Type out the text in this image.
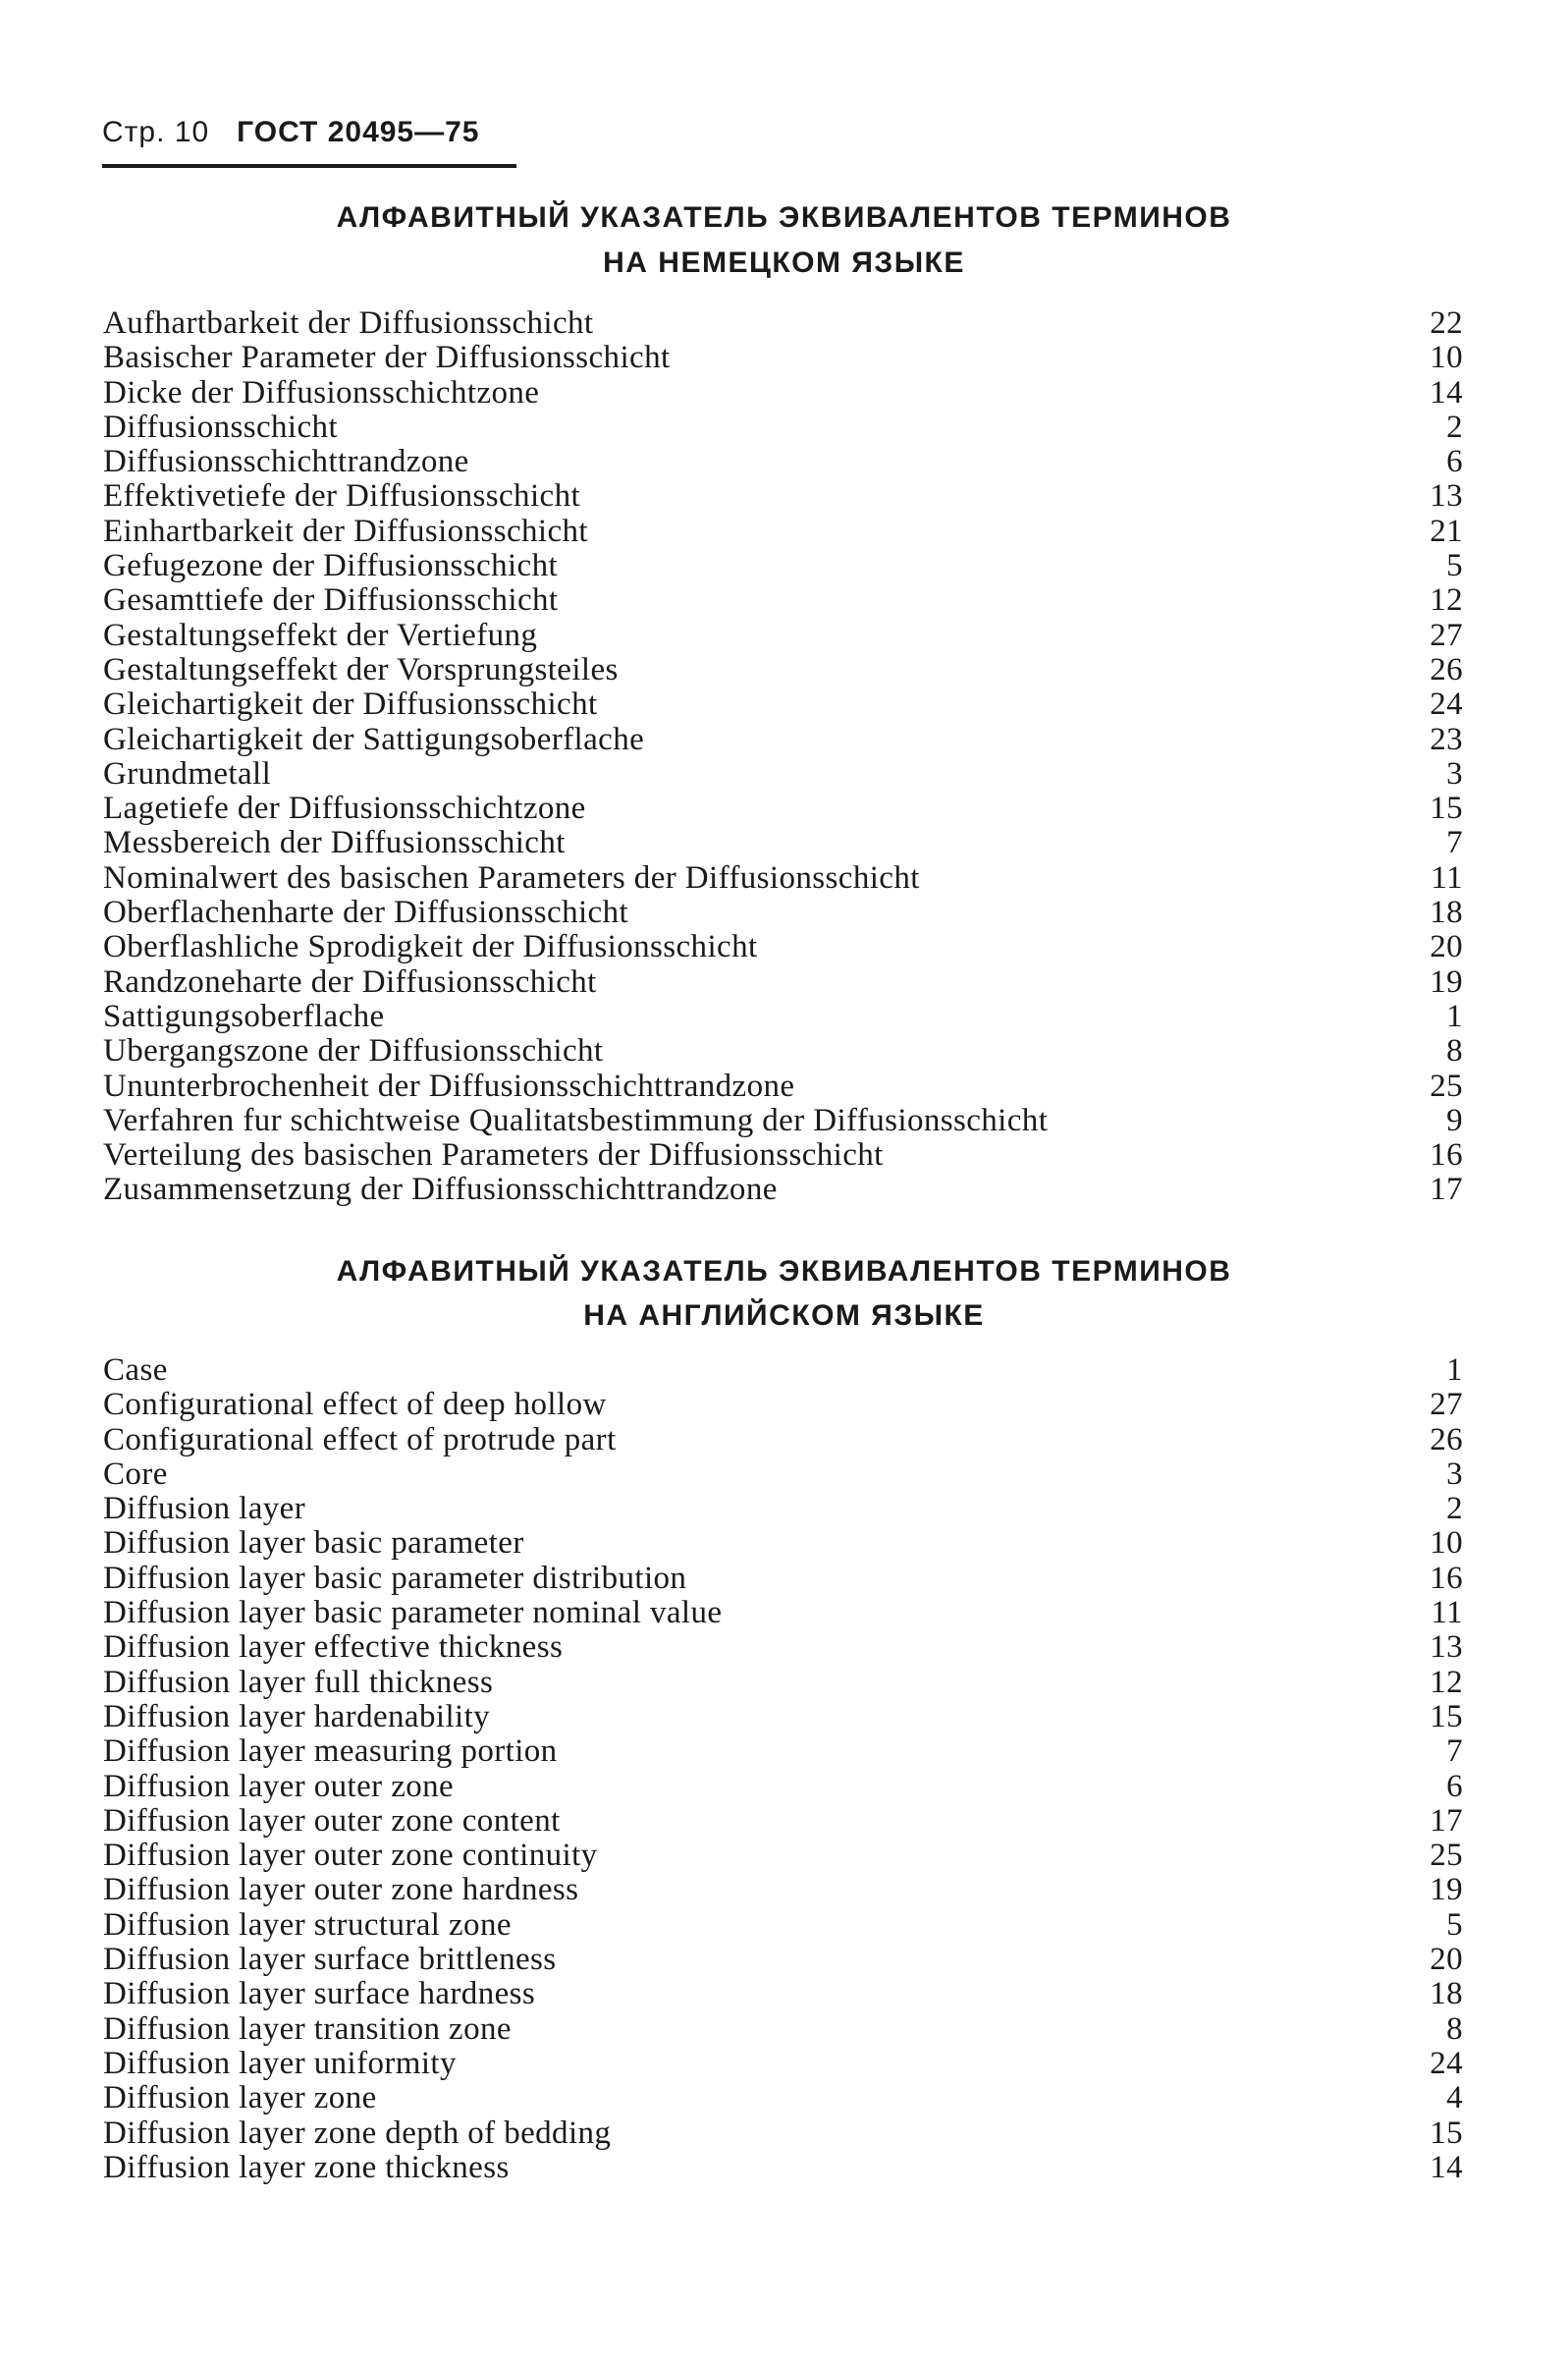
Стр. 10 ГОСТ 20495—75
АЛФАВИТНЫЙ УКАЗАТЕЛЬ ЭКВИВАЛЕНТОВ ТЕРМИНОВ
НА НЕМЕЦКОМ ЯЗЫКЕ
Aufhartbarkeit der Diffusionsschicht	22
Basischer Parameter der Diffusionsschicht	10
Dicke der Diffusionsschichtzone	14
Diffusionsschicht	2
Diffusionsschichttrandzone	6
Effektivetiefe der Diffusionsschicht	13
Einhartbarkeit der Diffusionsschicht	21
Gefugezone der Diffusionsschicht	5
Gesamttiefe der Diffusionsschicht	12
Gestaltungseffekt der Vertiefung	27
Gestaltungseffekt der Vorsprungsteiles	26
Gleichartigkeit der Diffusionsschicht	24
Gleichartigkeit der Sattigungsoberflache	23
Grundmetall	3
Lagetiefe der Diffusionsschichtzone	15
Messbereich der Diffusionsschicht	7
Nominalwert des basischen Parameters der Diffusionsschicht	11
Oberflachenharte der Diffusionsschicht	18
Oberflashliche Sprodigkeit der Diffusionsschicht	20
Randzoneharte der Diffusionsschicht	19
Sattigungsoberflache	1
Ubergangszone der Diffusionsschicht	8
Ununterbrochenheit der Diffusionsschichttrandzone	25
Verfahren fur schichtweise Qualitatsbestimmung der Diffusionsschicht	9
Verteilung des basischen Parameters der Diffusionsschicht	16
Zusammensetzung der Diffusionsschichttrandzone	17
АЛФАВИТНЫЙ УКАЗАТЕЛЬ ЭКВИВАЛЕНТОВ ТЕРМИНОВ
НА АНГЛИЙСКОМ ЯЗЫКЕ
Case	1
Configurational effect of deep hollow	27
Configurational effect of protrude part	26
Core	3
Diffusion layer	2
Diffusion layer basic parameter	10
Diffusion layer basic parameter distribution	16
Diffusion layer basic parameter nominal value	11
Diffusion layer effective thickness	13
Diffusion layer full thickness	12
Diffusion layer hardenability	15
Diffusion layer measuring portion	7
Diffusion layer outer zone	6
Diffusion layer outer zone content	17
Diffusion layer outer zone continuity	25
Diffusion layer outer zone hardness	19
Diffusion layer structural zone	5
Diffusion layer surface brittleness	20
Diffusion layer surface hardness	18
Diffusion layer transition zone	8
Diffusion layer uniformity	24
Diffusion layer zone	4
Diffusion layer zone depth of bedding	15
Diffusion layer zone thickness	14
